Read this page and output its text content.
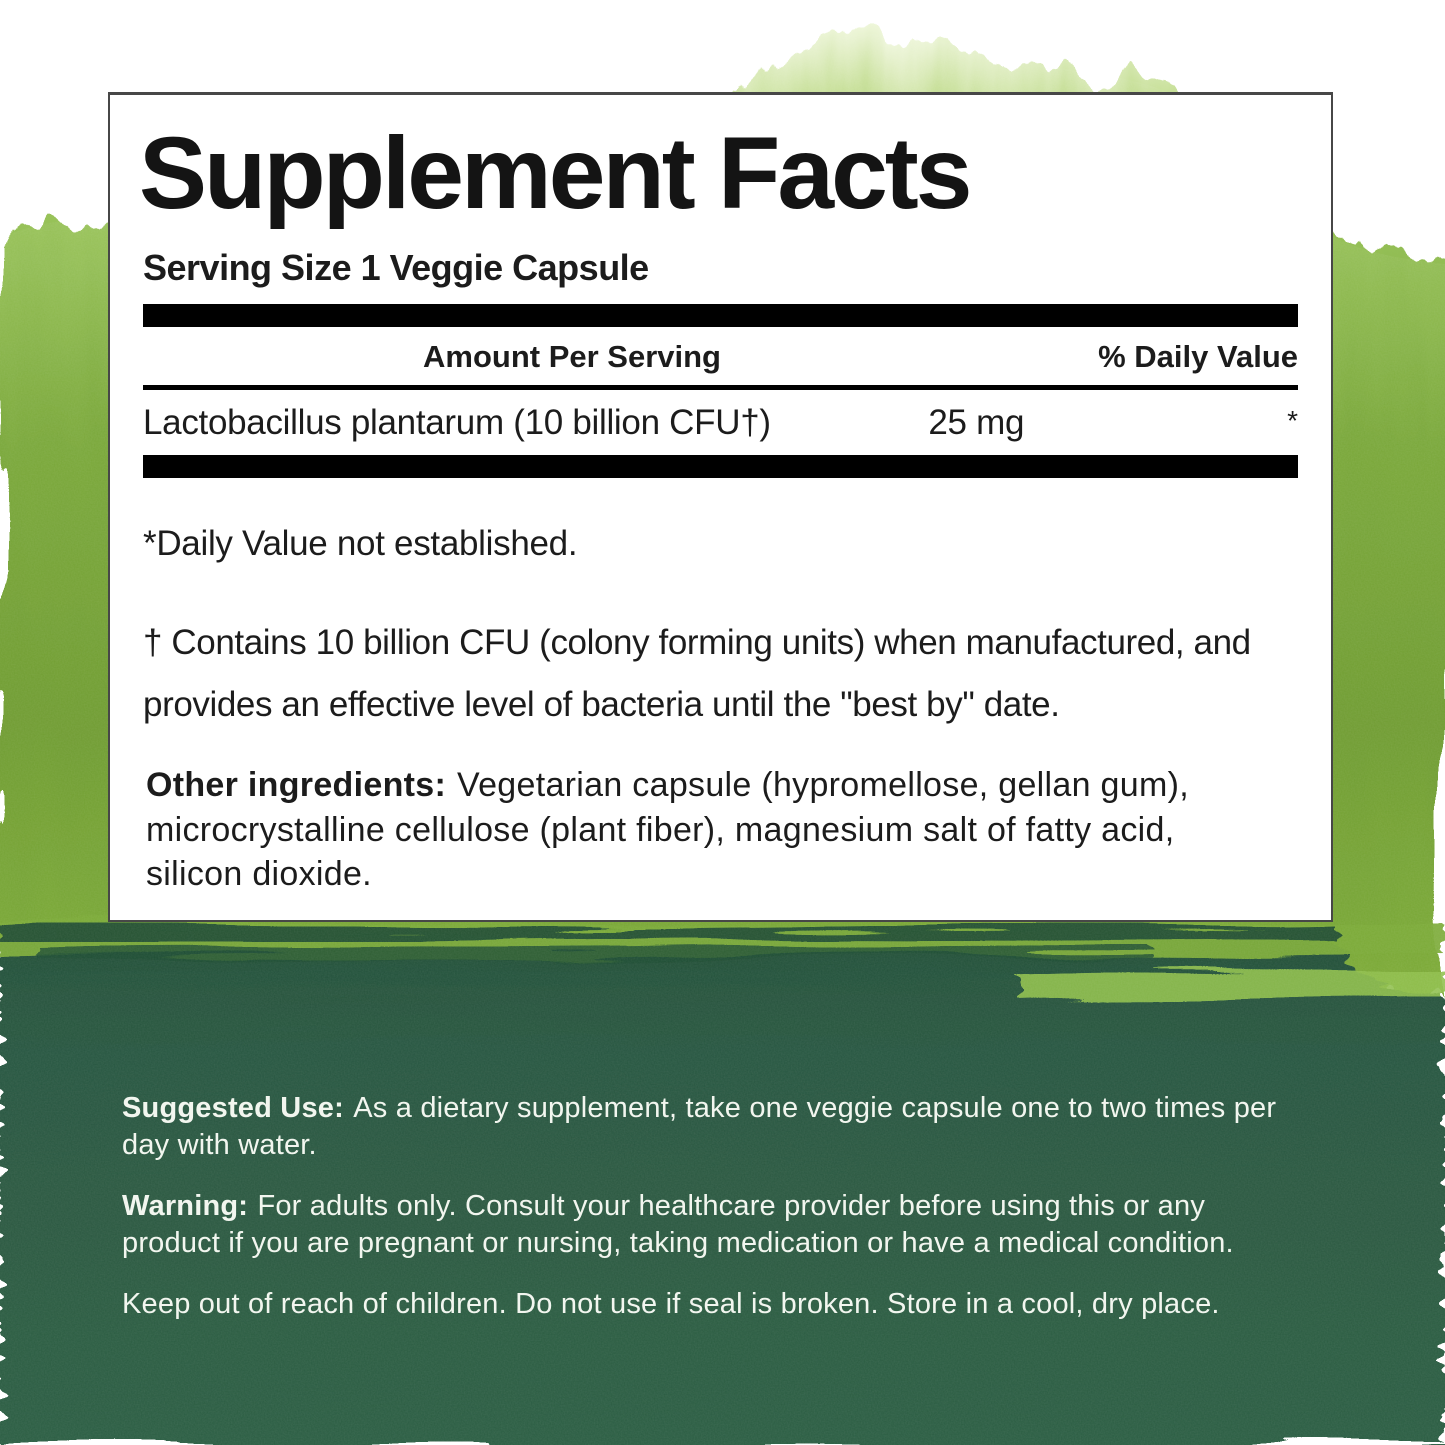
Supplement Facts
Serving Size 1 Veggie Capsule
Amount Per Serving	% Daily Value
Lactobacillus plantarum (10 billion CFU†)	25 mg	*

*Daily Value not established.

† Contains 10 billion CFU (colony forming units) when manufactured, and provides an effective level of bacteria until the "best by" date.

Other ingredients: Vegetarian capsule (hypromellose, gellan gum), microcrystalline cellulose (plant fiber), magnesium salt of fatty acid, silicon dioxide.

Suggested Use: As a dietary supplement, take one veggie capsule one to two times per day with water.

Warning: For adults only. Consult your healthcare provider before using this or any product if you are pregnant or nursing, taking medication or have a medical condition.

Keep out of reach of children. Do not use if seal is broken. Store in a cool, dry place.
